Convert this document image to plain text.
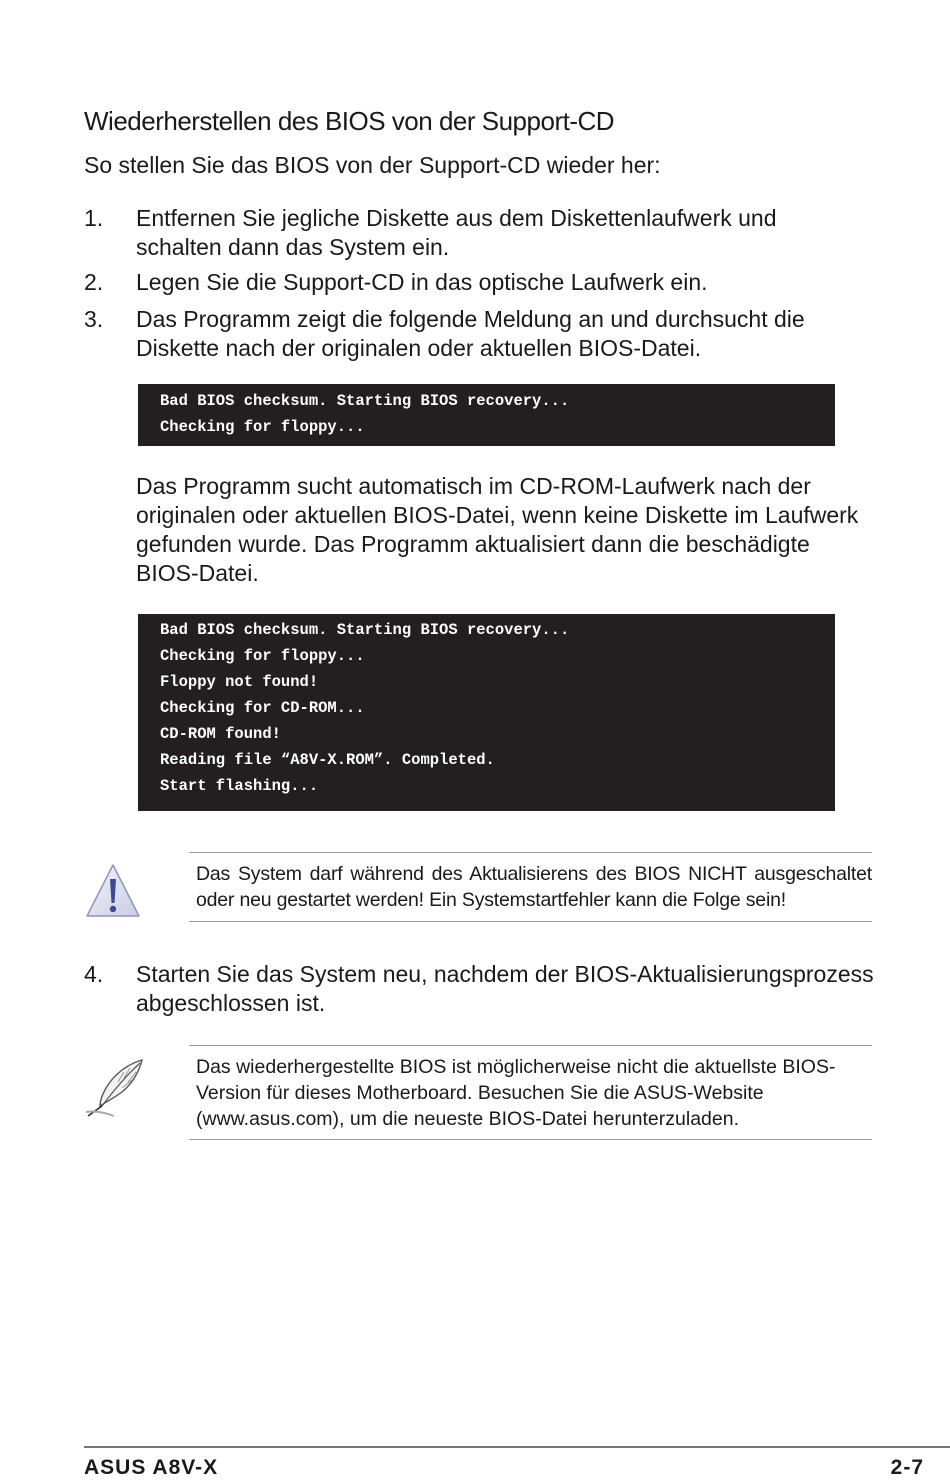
Wiederherstellen des BIOS von der Support-CD
So stellen Sie das BIOS von der Support-CD wieder her:
1. Entfernen Sie jegliche Diskette aus dem Diskettenlaufwerk und schalten dann das System ein.
2. Legen Sie die Support-CD in das optische Laufwerk ein.
3. Das Programm zeigt die folgende Meldung an und durchsucht die Diskette nach der originalen oder aktuellen BIOS-Datei.
Bad BIOS checksum. Starting BIOS recovery...
Checking for floppy...
Das Programm sucht automatisch im CD-ROM-Laufwerk nach der originalen oder aktuellen BIOS-Datei, wenn keine Diskette im Laufwerk gefunden wurde. Das Programm aktualisiert dann die beschädigte BIOS-Datei.
Bad BIOS checksum. Starting BIOS recovery...
Checking for floppy...
Floppy not found!
Checking for CD-ROM...
CD-ROM found!
Reading file “A8V-X.ROM”. Completed.
Start flashing...
Das System darf während des Aktualisierens des BIOS NICHT ausgeschaltet oder neu gestartet werden! Ein Systemstartfehler kann die Folge sein!
4. Starten Sie das System neu, nachdem der BIOS-Aktualisierungsprozess abgeschlossen ist.
Das wiederhergestellte BIOS ist möglicherweise nicht die aktuellste BIOS-Version für dieses Motherboard. Besuchen Sie die ASUS-Website (www.asus.com), um die neueste BIOS-Datei herunterzuladen.
ASUS A8V-X	2-7
